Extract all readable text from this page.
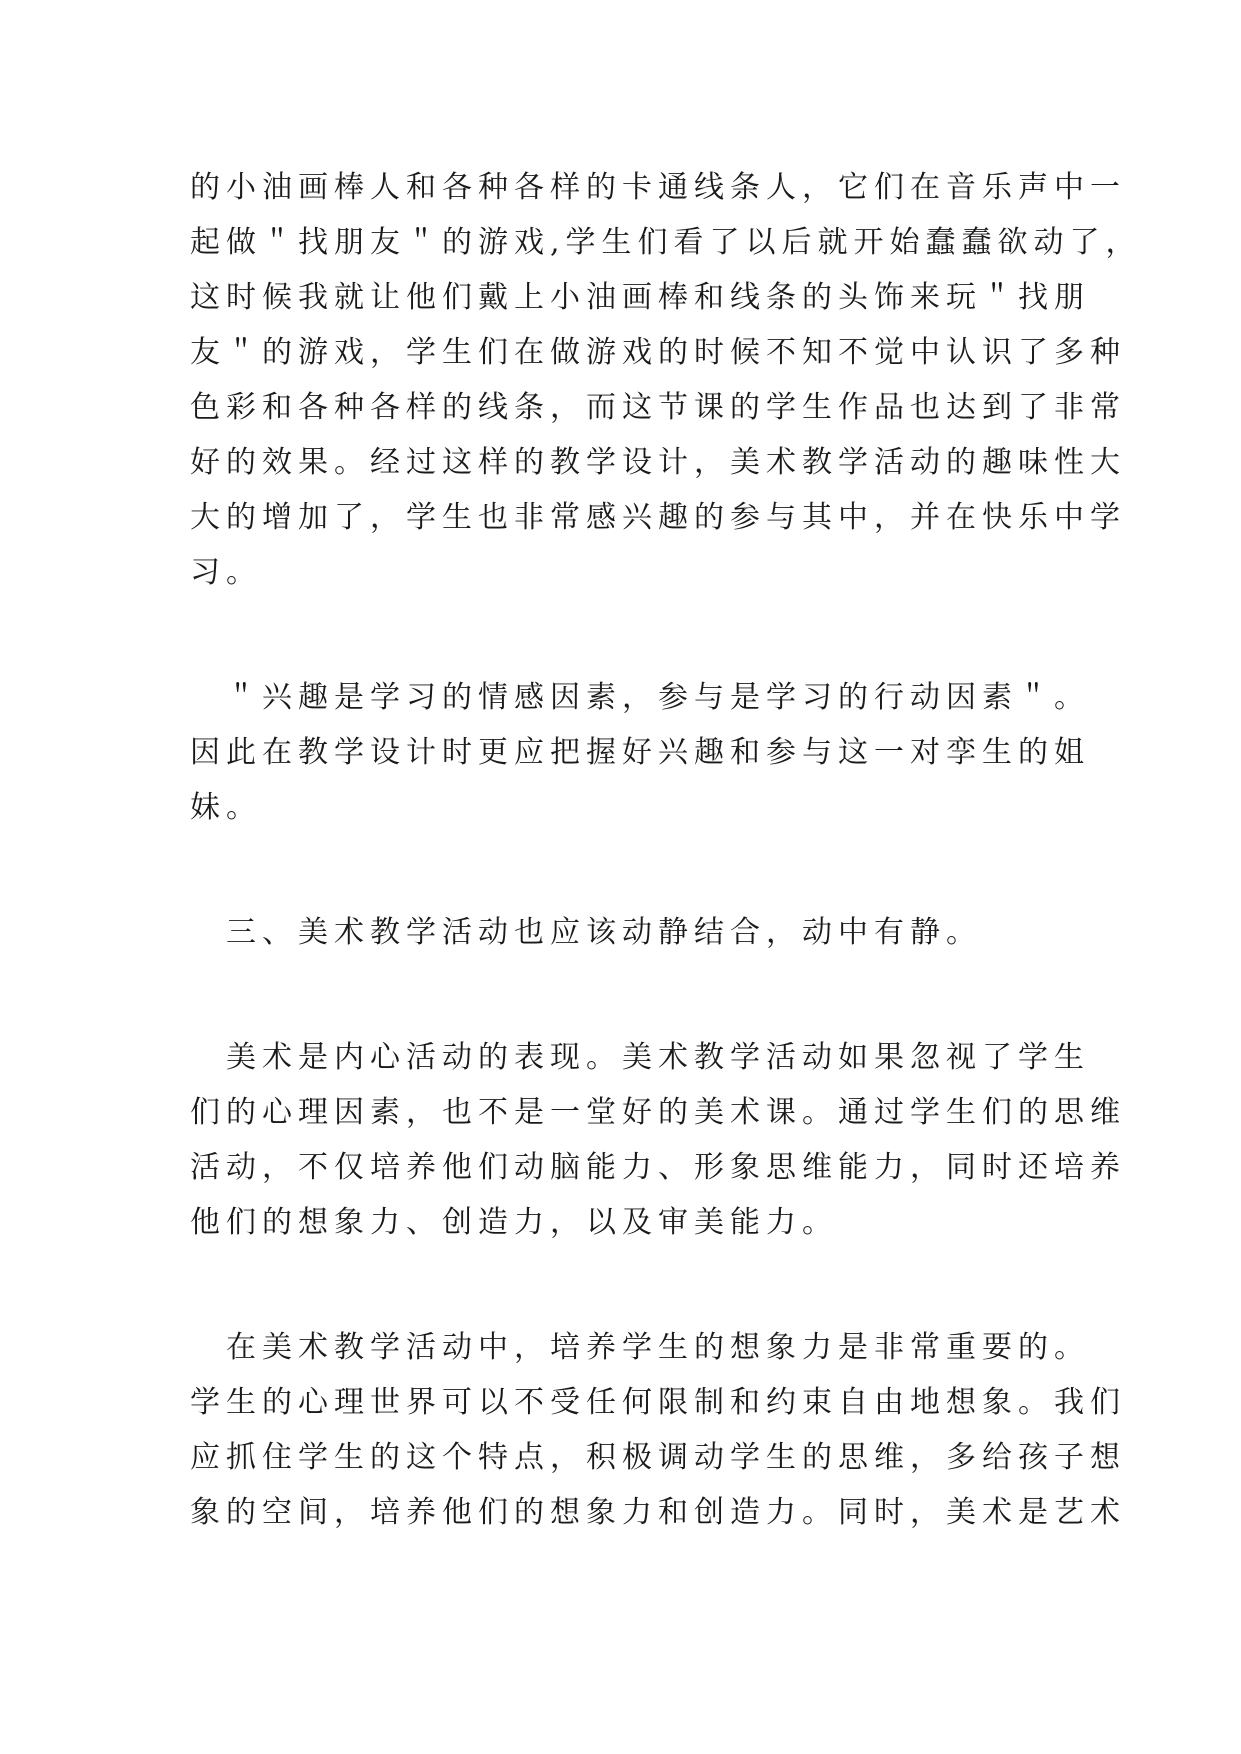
的小油画棒人和各种各样的卡通线条人，它们在音乐声中一
起做＂找朋友＂的游戏,学生们看了以后就开始蠢蠢欲动了，
这时候我就让他们戴上小油画棒和线条的头饰来玩＂找朋
友＂的游戏，学生们在做游戏的时候不知不觉中认识了多种
色彩和各种各样的线条，而这节课的学生作品也达到了非常
好的效果。经过这样的教学设计，美术教学活动的趣味性大
大的增加了，学生也非常感兴趣的参与其中，并在快乐中学
习。
　＂兴趣是学习的情感因素，参与是学习的行动因素＂。
因此在教学设计时更应把握好兴趣和参与这一对孪生的姐
妹。
　三、美术教学活动也应该动静结合，动中有静。
　美术是内心活动的表现。美术教学活动如果忽视了学生
们的心理因素，也不是一堂好的美术课。通过学生们的思维
活动，不仅培养他们动脑能力、形象思维能力，同时还培养
他们的想象力、创造力，以及审美能力。
　在美术教学活动中，培养学生的想象力是非常重要的。
学生的心理世界可以不受任何限制和约束自由地想象。我们
应抓住学生的这个特点，积极调动学生的思维，多给孩子想
象的空间，培养他们的想象力和创造力。同时，美术是艺术
